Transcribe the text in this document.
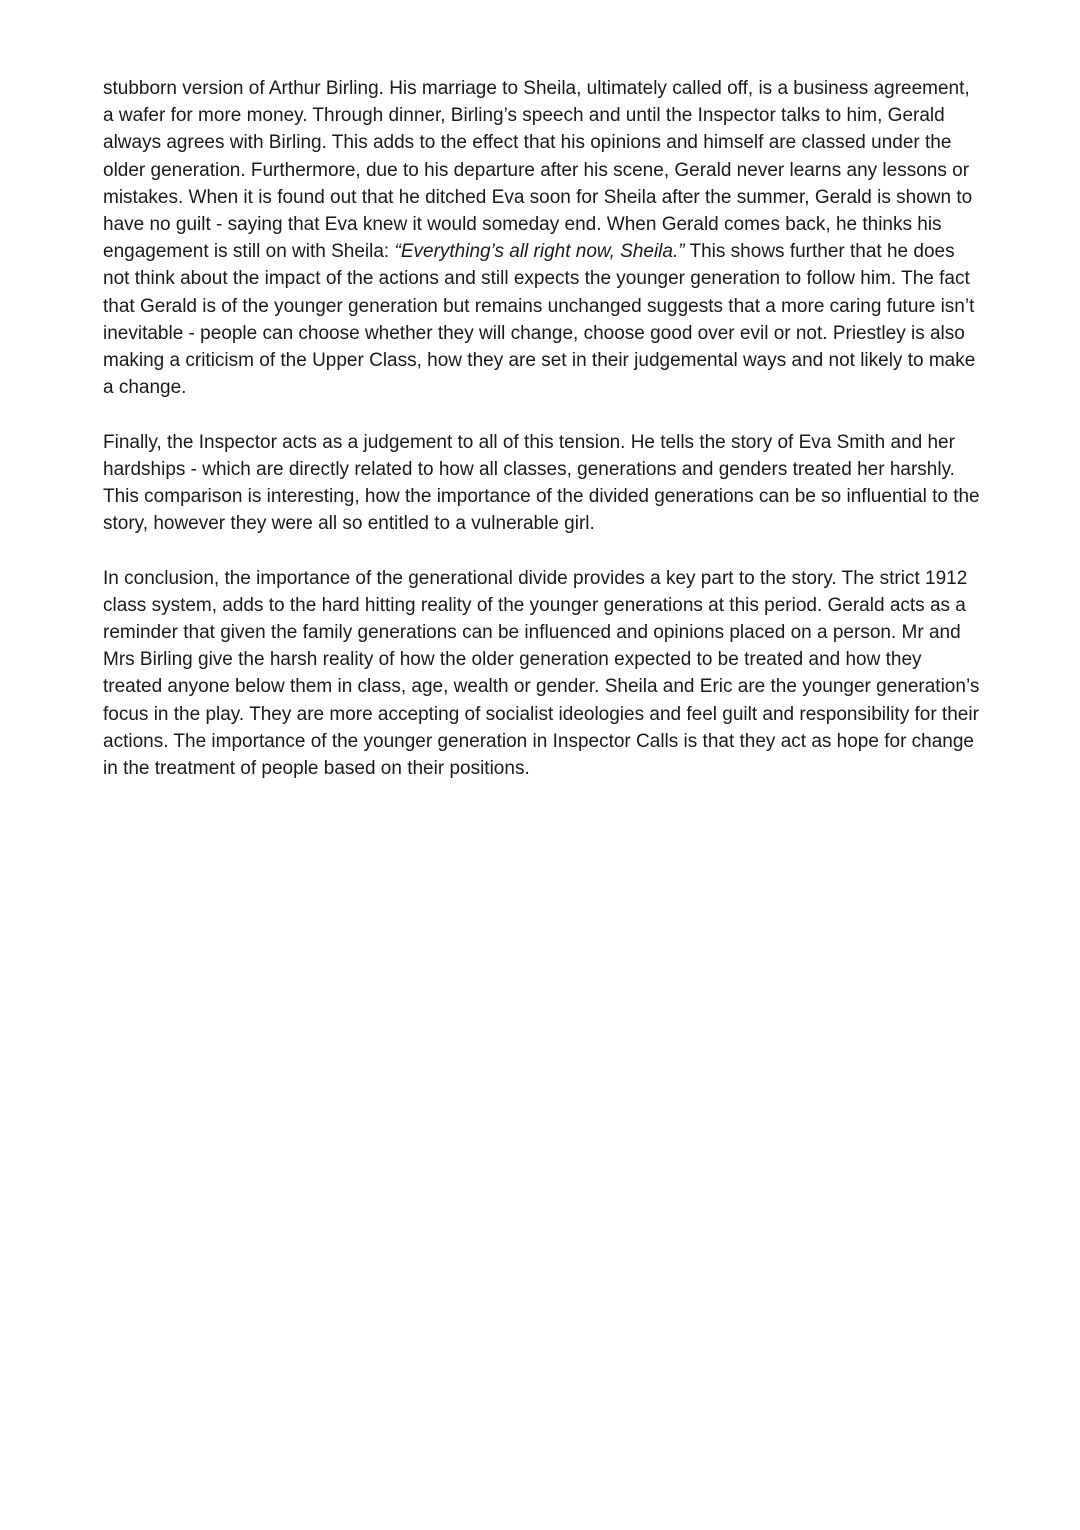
stubborn version of Arthur Birling. His marriage to Sheila, ultimately called off, is a business agreement, a wafer for more money. Through dinner, Birling’s speech and until the Inspector talks to him, Gerald always agrees with Birling. This adds to the effect that his opinions and himself are classed under the older generation. Furthermore, due to his departure after his scene, Gerald never learns any lessons or mistakes. When it is found out that he ditched Eva soon for Sheila after the summer, Gerald is shown to have no guilt - saying that Eva knew it would someday end. When Gerald comes back, he thinks his engagement is still on with Sheila: “Everything’s all right now, Sheila.” This shows further that he does not think about the impact of the actions and still expects the younger generation to follow him. The fact that Gerald is of the younger generation but remains unchanged suggests that a more caring future isn’t inevitable - people can choose whether they will change, choose good over evil or not. Priestley is also making a criticism of the Upper Class, how they are set in their judgemental ways and not likely to make a change.

Finally, the Inspector acts as a judgement to all of this tension. He tells the story of Eva Smith and her hardships - which are directly related to how all classes, generations and genders treated her harshly. This comparison is interesting, how the importance of the divided generations can be so influential to the story, however they were all so entitled to a vulnerable girl.

In conclusion, the importance of the generational divide provides a key part to the story. The strict 1912 class system, adds to the hard hitting reality of the younger generations at this period. Gerald acts as a reminder that given the family generations can be influenced and opinions placed on a person. Mr and Mrs Birling give the harsh reality of how the older generation expected to be treated and how they treated anyone below them in class, age, wealth or gender. Sheila and Eric are the younger generation’s focus in the play. They are more accepting of socialist ideologies and feel guilt and responsibility for their actions. The importance of the younger generation in Inspector Calls is that they act as hope for change in the treatment of people based on their positions.
